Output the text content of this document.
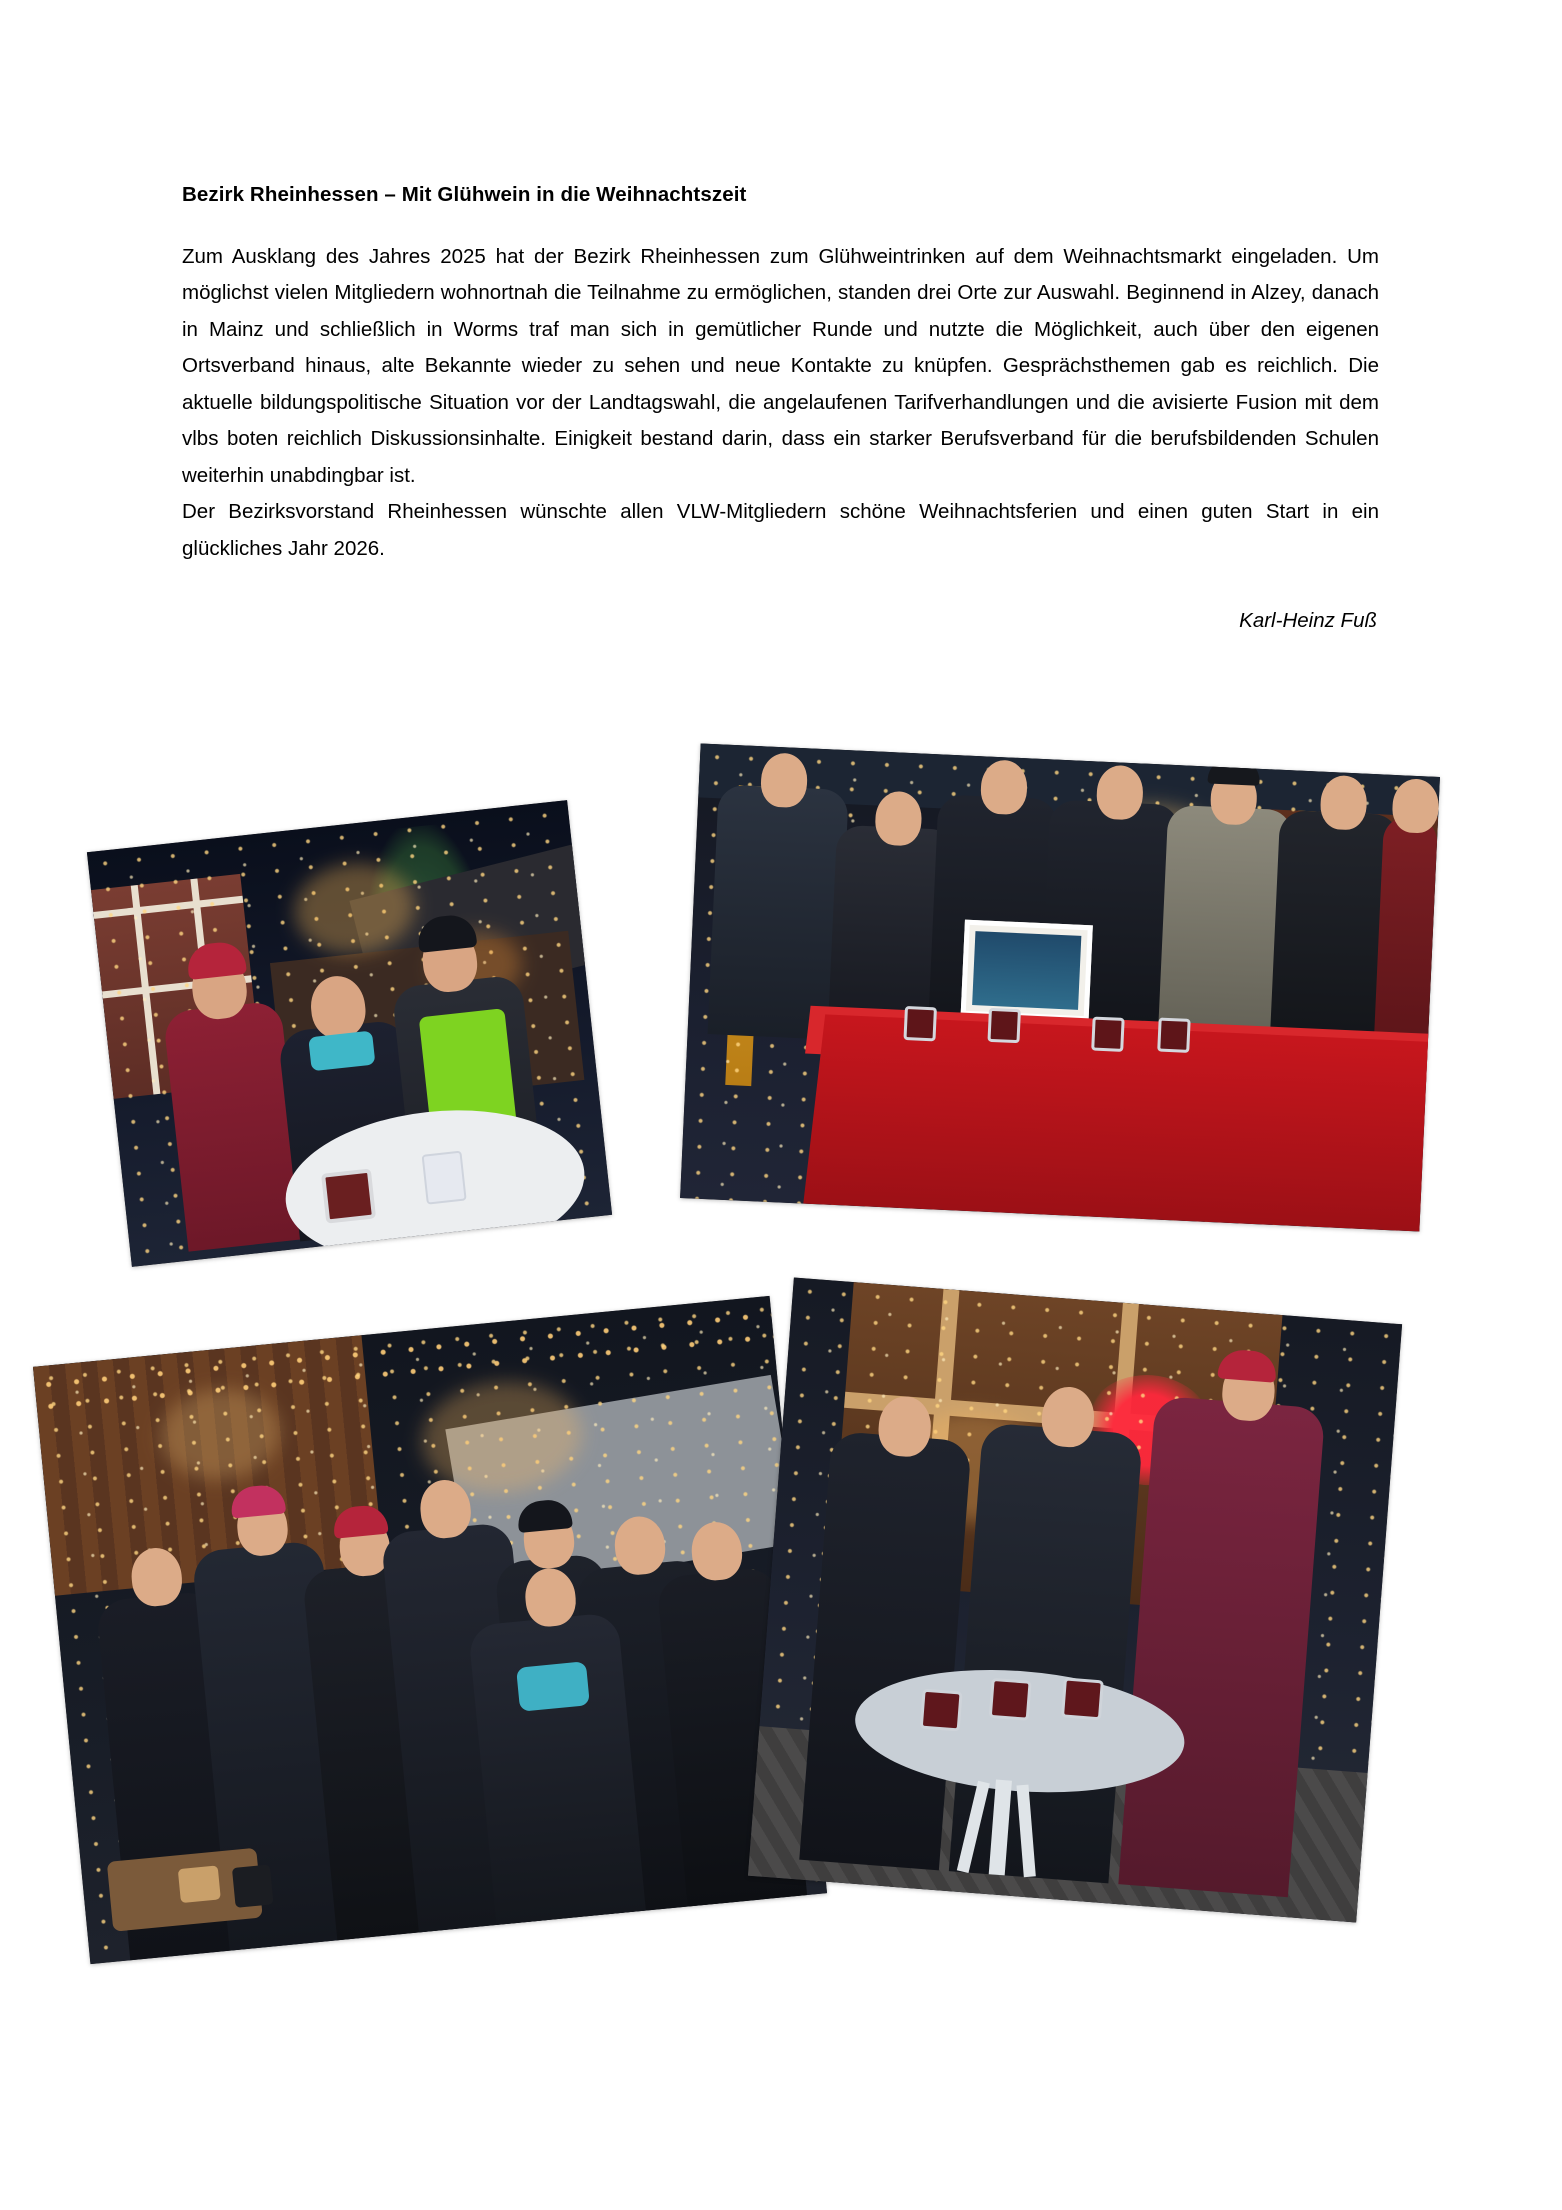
Bezirk Rheinhessen – Mit Glühwein in die Weihnachtszeit

Zum Ausklang des Jahres 2025 hat der Bezirk Rheinhessen zum Glühweintrinken auf dem Weihnachtsmarkt eingeladen. Um möglichst vielen Mitgliedern wohnortnah die Teilnahme zu ermöglichen, standen drei Orte zur Auswahl. Beginnend in Alzey, danach in Mainz und schließlich in Worms traf man sich in gemütlicher Runde und nutzte die Möglichkeit, auch über den eigenen Ortsverband hinaus, alte Bekannte wieder zu sehen und neue Kontakte zu knüpfen. Gesprächsthemen gab es reichlich. Die aktuelle bildungspolitische Situation vor der Landtagswahl, die angelaufenen Tarifverhandlungen und die avisierte Fusion mit dem vlbs boten reichlich Diskussionsinhalte. Einigkeit bestand darin, dass ein starker Berufsverband für die berufsbildenden Schulen weiterhin unabdingbar ist.

Der Bezirksvorstand Rheinhessen wünschte allen VLW-Mitgliedern schöne Weihnachtsferien und einen guten Start in ein glückliches Jahr 2026.

Karl-Heinz Fuß
